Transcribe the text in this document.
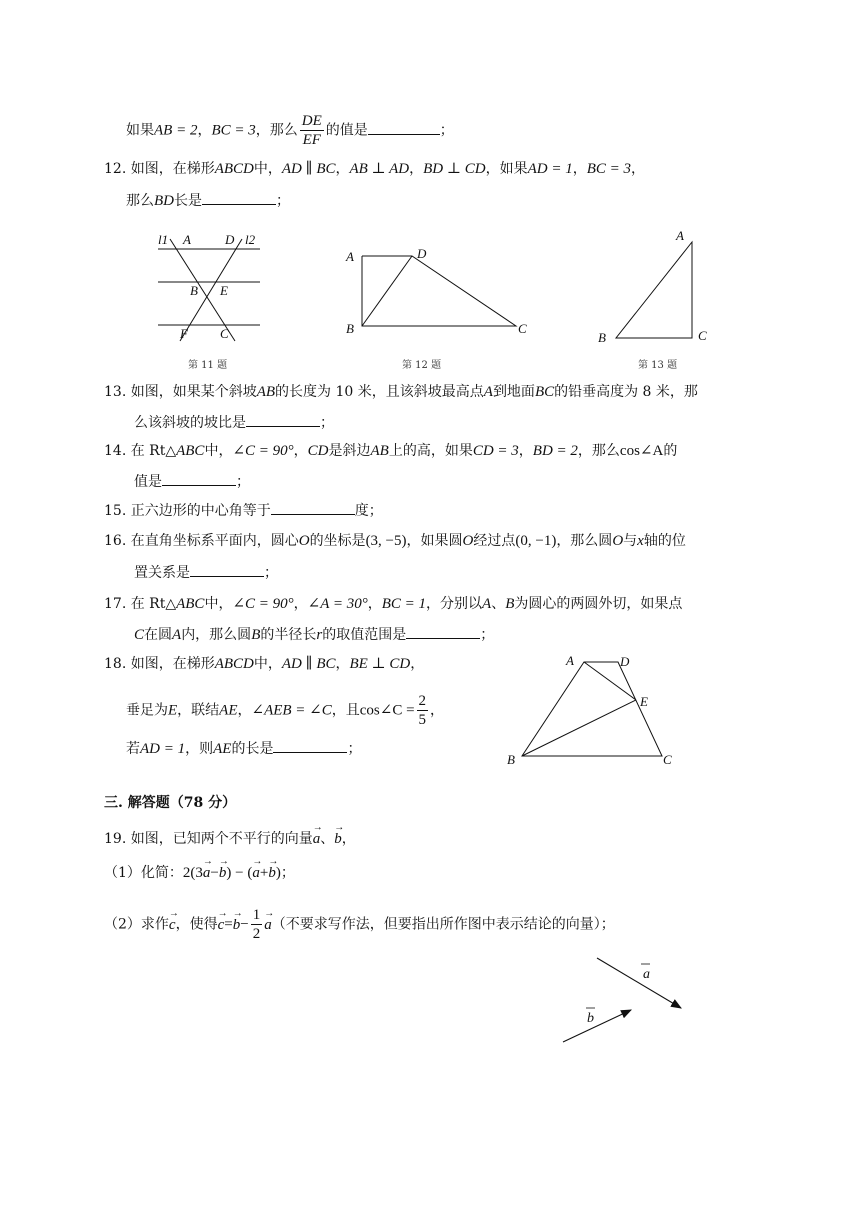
如果AB = 2，BC = 3，那么 $\frac{DE}{EF}$ 的值是	；
12. 如图，在梯形ABCD中，AD ∥ BC，AB ⊥ AD，BD ⊥ CD，如果AD = 1，BC = 3，
那么BD长是	；
l1 A	D l2
B E
F C
第 11 题
A	D
B	C
第 12 题
A
B	C
第 13 题
13. 如图，如果某个斜坡AB的长度为 10 米，且该斜坡最高点A到地面BC的铅垂高度为 8 米，那
么该斜坡的坡比是	；
14. 在 Rt△ABC中，∠C = 90°，CD是斜边AB上的高，如果CD = 3，BD = 2，那么cos∠A的
值是	；
15. 正六边形的中心角等于	度；
16. 在直角坐标系平面内，圆心O的坐标是(3, −5)，如果圆O经过点(0, −1)，那么圆O与x轴的位
置关系是	；
17. 在 Rt△ABC中，∠C = 90°，∠A = 30°，BC = 1，分别以A、B为圆心的两圆外切，如果点
C在圆A内，那么圆B的半径长r的取值范围是	；
18. 如图，在梯形ABCD中，AD ∥ BC，BE ⊥ CD，
垂足为E，联结AE，∠AEB = ∠C，且cos∠C = $\frac{2}{5}$ ，
若AD = 1，则AE的长是	；
A	D
E
B	C
三. 解答题（78 分）
19. 如图，已知两个不平行的向量→ a、→ b，
（1）化简：2(3→ a−→ b) − (→ a+→ b)；
（2）求作→ c，使得→ $c=\to b- \frac{1}{2}$
→ a（不要求写作法，但要指出所作图中表示结论的向量）；
a
b
